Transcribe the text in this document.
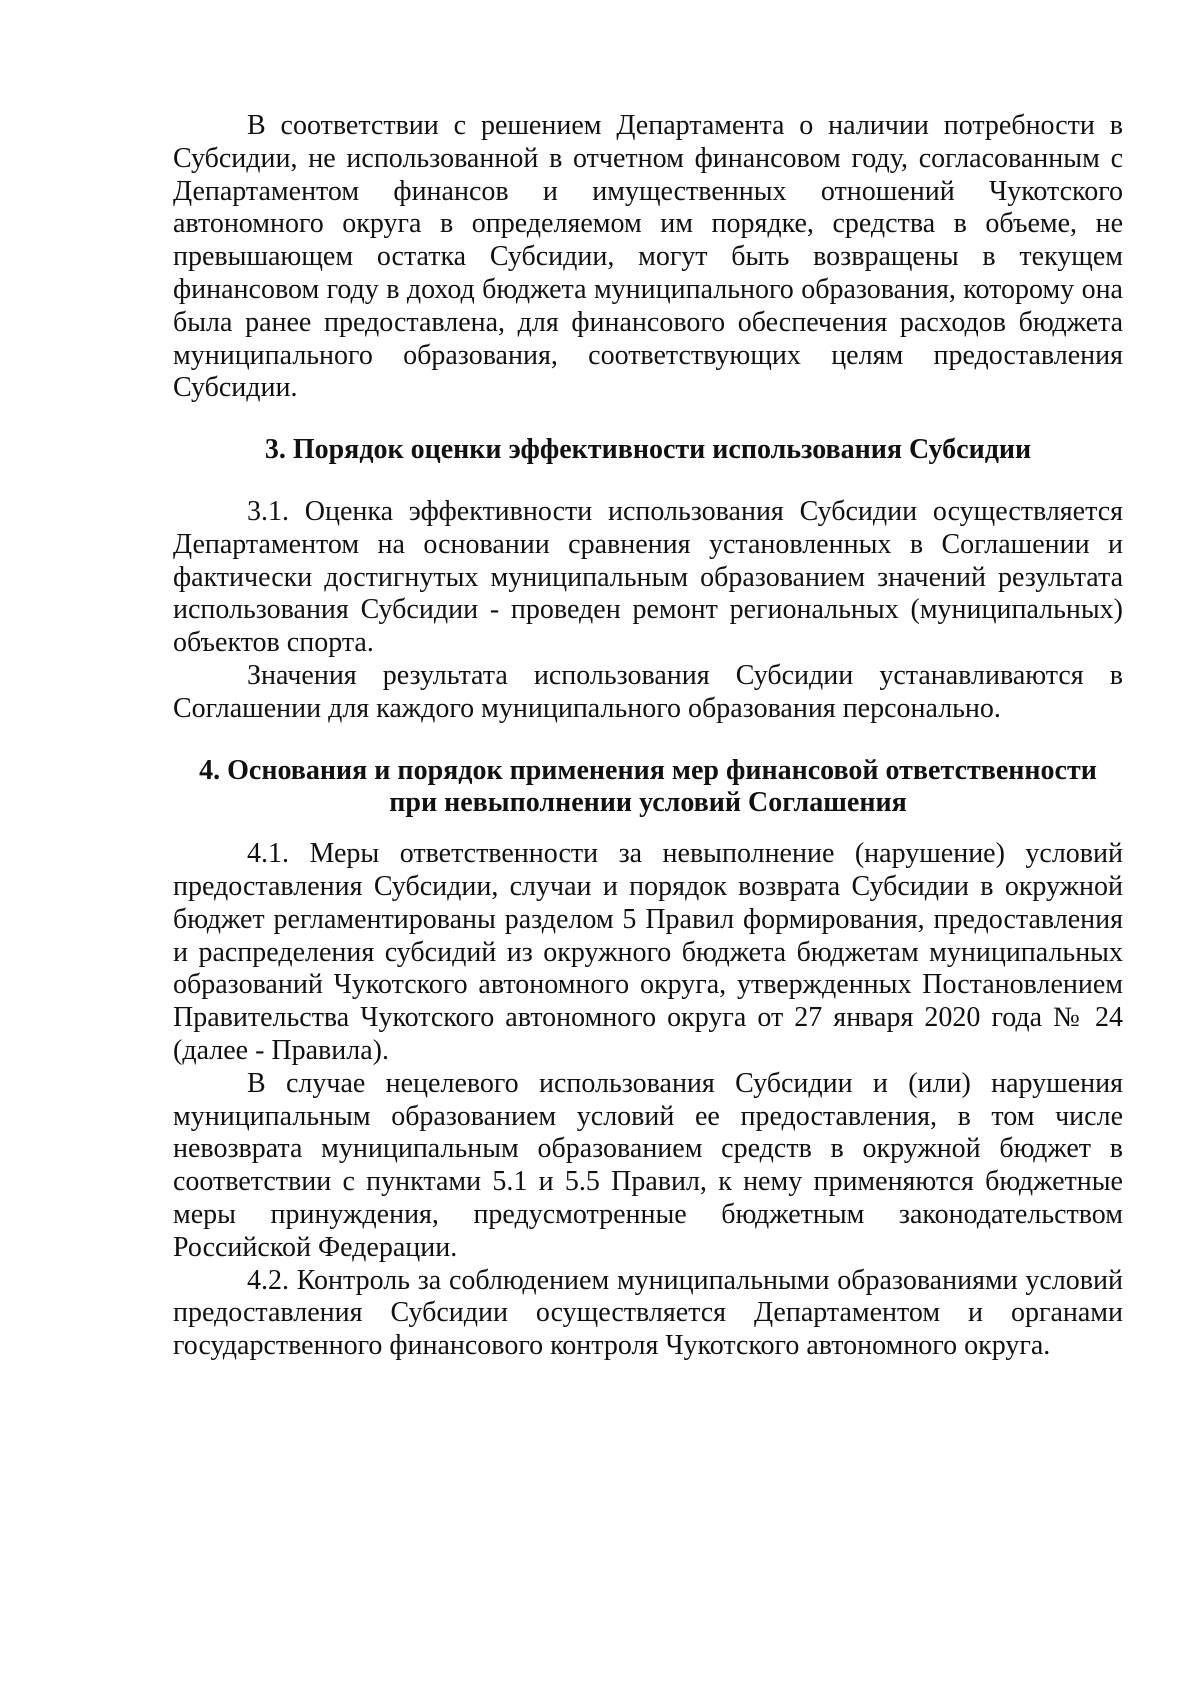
В соответствии с решением Департамента о наличии потребности в Субсидии, не использованной в отчетном финансовом году, согласованным с Департаментом финансов и имущественных отношений Чукотского автономного округа в определяемом им порядке, средства в объеме, не превышающем остатка Субсидии, могут быть возвращены в текущем финансовом году в доход бюджета муниципального образования, которому она была ранее предоставлена, для финансового обеспечения расходов бюджета муниципального образования, соответствующих целям предоставления Субсидии.

3. Порядок оценки эффективности использования Субсидии

3.1. Оценка эффективности использования Субсидии осуществляется Департаментом на основании сравнения установленных в Соглашении и фактически достигнутых муниципальным образованием значений результата использования Субсидии - проведен ремонт региональных (муниципальных) объектов спорта.

Значения результата использования Субсидии устанавливаются в Соглашении для каждого муниципального образования персонально.

4. Основания и порядок применения мер финансовой ответственности
при невыполнении условий Соглашения

4.1. Меры ответственности за невыполнение (нарушение) условий предоставления Субсидии, случаи и порядок возврата Субсидии в окружной бюджет регламентированы разделом 5 Правил формирования, предоставления и распределения субсидий из окружного бюджета бюджетам муниципальных образований Чукотского автономного округа, утвержденных Постановлением Правительства Чукотского автономного округа от 27 января 2020 года № 24 (далее - Правила).

В случае нецелевого использования Субсидии и (или) нарушения муниципальным образованием условий ее предоставления, в том числе невозврата муниципальным образованием средств в окружной бюджет в соответствии с пунктами 5.1 и 5.5 Правил, к нему применяются бюджетные меры принуждения, предусмотренные бюджетным законодательством Российской Федерации.

4.2. Контроль за соблюдением муниципальными образованиями условий предоставления Субсидии осуществляется Департаментом и органами государственного финансового контроля Чукотского автономного округа.
